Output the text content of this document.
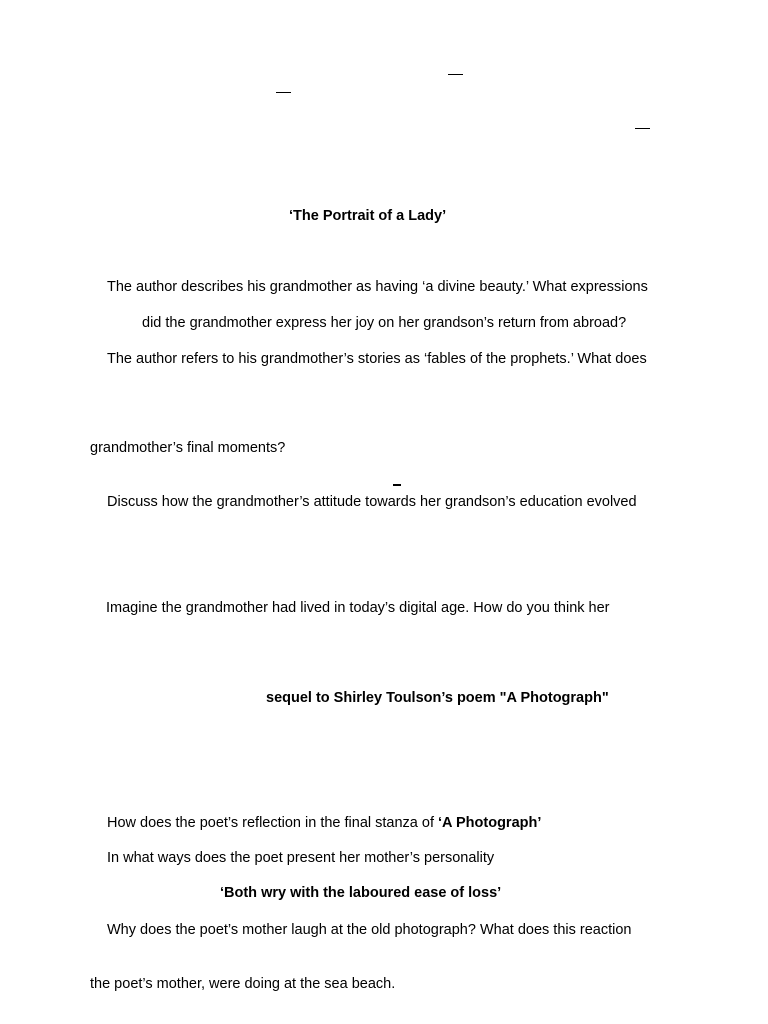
‘The Portrait of a Lady’
The author describes his grandmother as having ‘a divine beauty.’ What expressions
did the grandmother express her joy on her grandson’s return from abroad?
The author refers to his grandmother’s stories as ‘fables of the prophets.’ What does
grandmother’s final moments?
Discuss how the grandmother’s attitude towards her grandson’s education evolved
Imagine the grandmother had lived in today’s digital age. How do you think her
sequel to Shirley Toulson’s poem "A Photograph"
How does the poet’s reflection in the final stanza of ‘A Photograph’
In what ways does the poet present her mother’s personality
‘Both wry with the laboured ease of loss’
Why does the poet’s mother laugh at the old photograph? What does this reaction
the poet’s mother, were doing at the sea beach.
